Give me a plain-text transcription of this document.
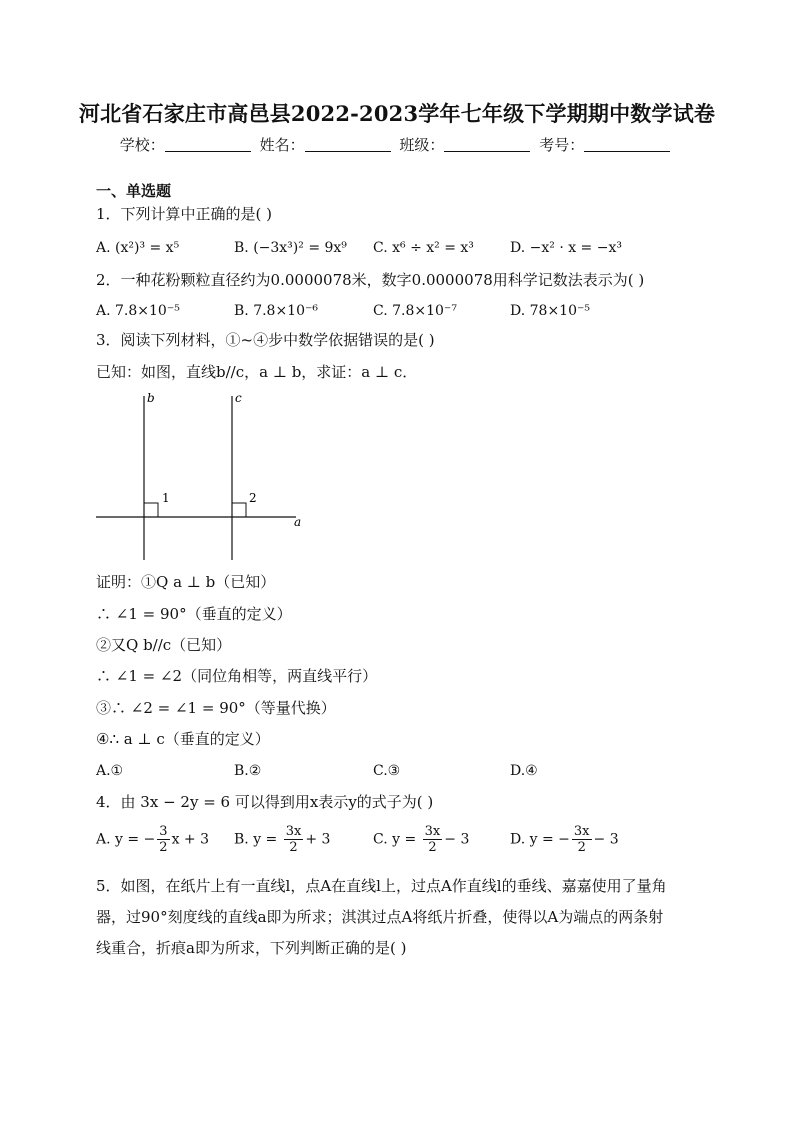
河北省石家庄市高邑县2022-2023学年七年级下学期期中数学试卷
学校：	姓名：	班级：	考号：
一、单选题
1．下列计算中正确的是( )
A. (x²)³ = x⁵	B. (−3x³)² = 9x⁹ C. x⁶ ÷ x² = x³	D. −x² · x = −x³
2．一种花粉颗粒直径约为0.0000078米，数字0.0000078用科学记数法表示为( )
A. 7.8×10⁻⁵	B. 7.8×10⁻⁶	C. 7.8×10⁻⁷	D. 78×10⁻⁵
3．阅读下列材料，①~④步中数学依据错误的是( )
已知：如图，直线b//c，a ⊥ b，求证：a ⊥ c．
b	c
a
1	2
证明：①Q a ⊥ b（已知）
∴ ∠1 = 90°（垂直的定义）
②又Q b//c（已知）
∴ ∠1 = ∠2（同位角相等，两直线平行）
③∴ ∠2 = ∠1 = 90°（等量代换）
④∴ a ⊥ c（垂直的定义）
A.①	B.②	C.③	D.④
4．由 3x − 2y = 6 可以得到用x表示y的式子为( )
A. y = − $\frac{3}{2}$ x + 3 B. $y = \frac{3x}{2} + 3$	C. $y = \frac{3x}{2} - 3$	D. y = − $\frac{3x}{2} - 3$
5．如图，在纸片上有一直线l，点A在直线l上，过点A作直线l的垂线、嘉嘉使用了量角
器，过90°刻度线的直线a即为所求；淇淇过点A将纸片折叠，使得以A为端点的两条射
线重合，折痕a即为所求，下列判断正确的是( )
